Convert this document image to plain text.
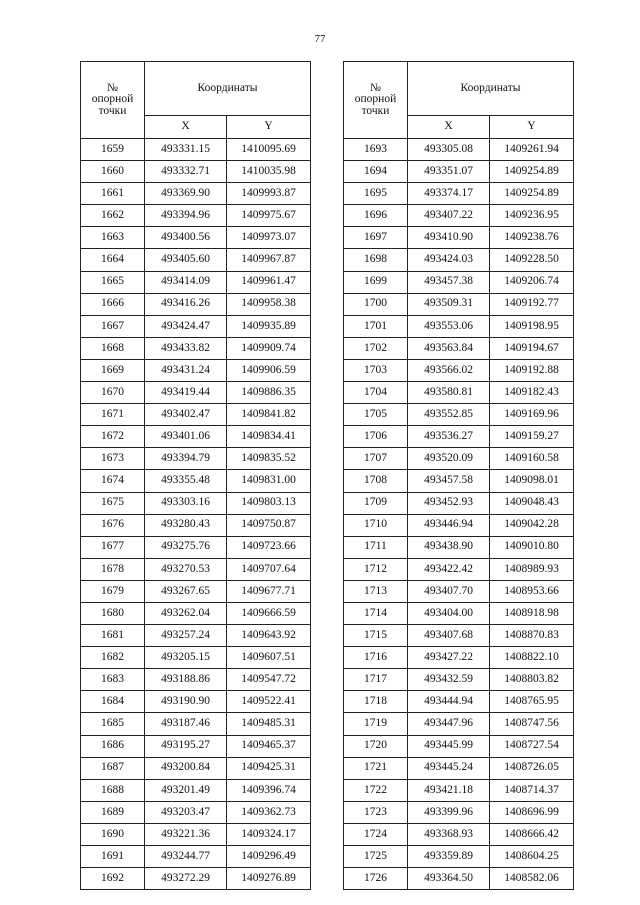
77
№
опорной
точки	Координаты	
	X	Y
1659	493331.15	1410095.69
1660	493332.71	1410035.98
1661	493369.90	1409993.87
1662	493394.96	1409975.67
1663	493400.56	1409973.07
1664	493405.60	1409967.87
1665	493414.09	1409961.47
1666	493416.26	1409958.38
1667	493424.47	1409935.89
1668	493433.82	1409909.74
1669	493431.24	1409906.59
1670	493419.44	1409886.35
1671	493402.47	1409841.82
1672	493401.06	1409834.41
1673	493394.79	1409835.52
1674	493355.48	1409831.00
1675	493303.16	1409803.13
1676	493280.43	1409750.87
1677	493275.76	1409723.66
1678	493270.53	1409707.64
1679	493267.65	1409677.71
1680	493262.04	1409666.59
1681	493257.24	1409643.92
1682	493205.15	1409607.51
1683	493188.86	1409547.72
1684	493190.90	1409522.41
1685	493187.46	1409485.31
1686	493195.27	1409465.37
1687	493200.84	1409425.31
1688	493201.49	1409396.74
1689	493203.47	1409362.73
1690	493221.36	1409324.17
1691	493244.77	1409296.49
1692	493272.29	1409276.89
№
опорной
точки	Координаты	
	X	Y
1693	493305.08	1409261.94
1694	493351.07	1409254.89
1695	493374.17	1409254.89
1696	493407.22	1409236.95
1697	493410.90	1409238.76
1698	493424.03	1409228.50
1699	493457.38	1409206.74
1700	493509.31	1409192.77
1701	493553.06	1409198.95
1702	493563.84	1409194.67
1703	493566.02	1409192.88
1704	493580.81	1409182.43
1705	493552.85	1409169.96
1706	493536.27	1409159.27
1707	493520.09	1409160.58
1708	493457.58	1409098.01
1709	493452.93	1409048.43
1710	493446.94	1409042.28
1711	493438.90	1409010.80
1712	493422.42	1408989.93
1713	493407.70	1408953.66
1714	493404.00	1408918.98
1715	493407.68	1408870.83
1716	493427.22	1408822.10
1717	493432.59	1408803.82
1718	493444.94	1408765.95
1719	493447.96	1408747.56
1720	493445.99	1408727.54
1721	493445.24	1408726.05
1722	493421.18	1408714.37
1723	493399.96	1408696.99
1724	493368.93	1408666.42
1725	493359.89	1408604.25
1726	493364.50	1408582.06
